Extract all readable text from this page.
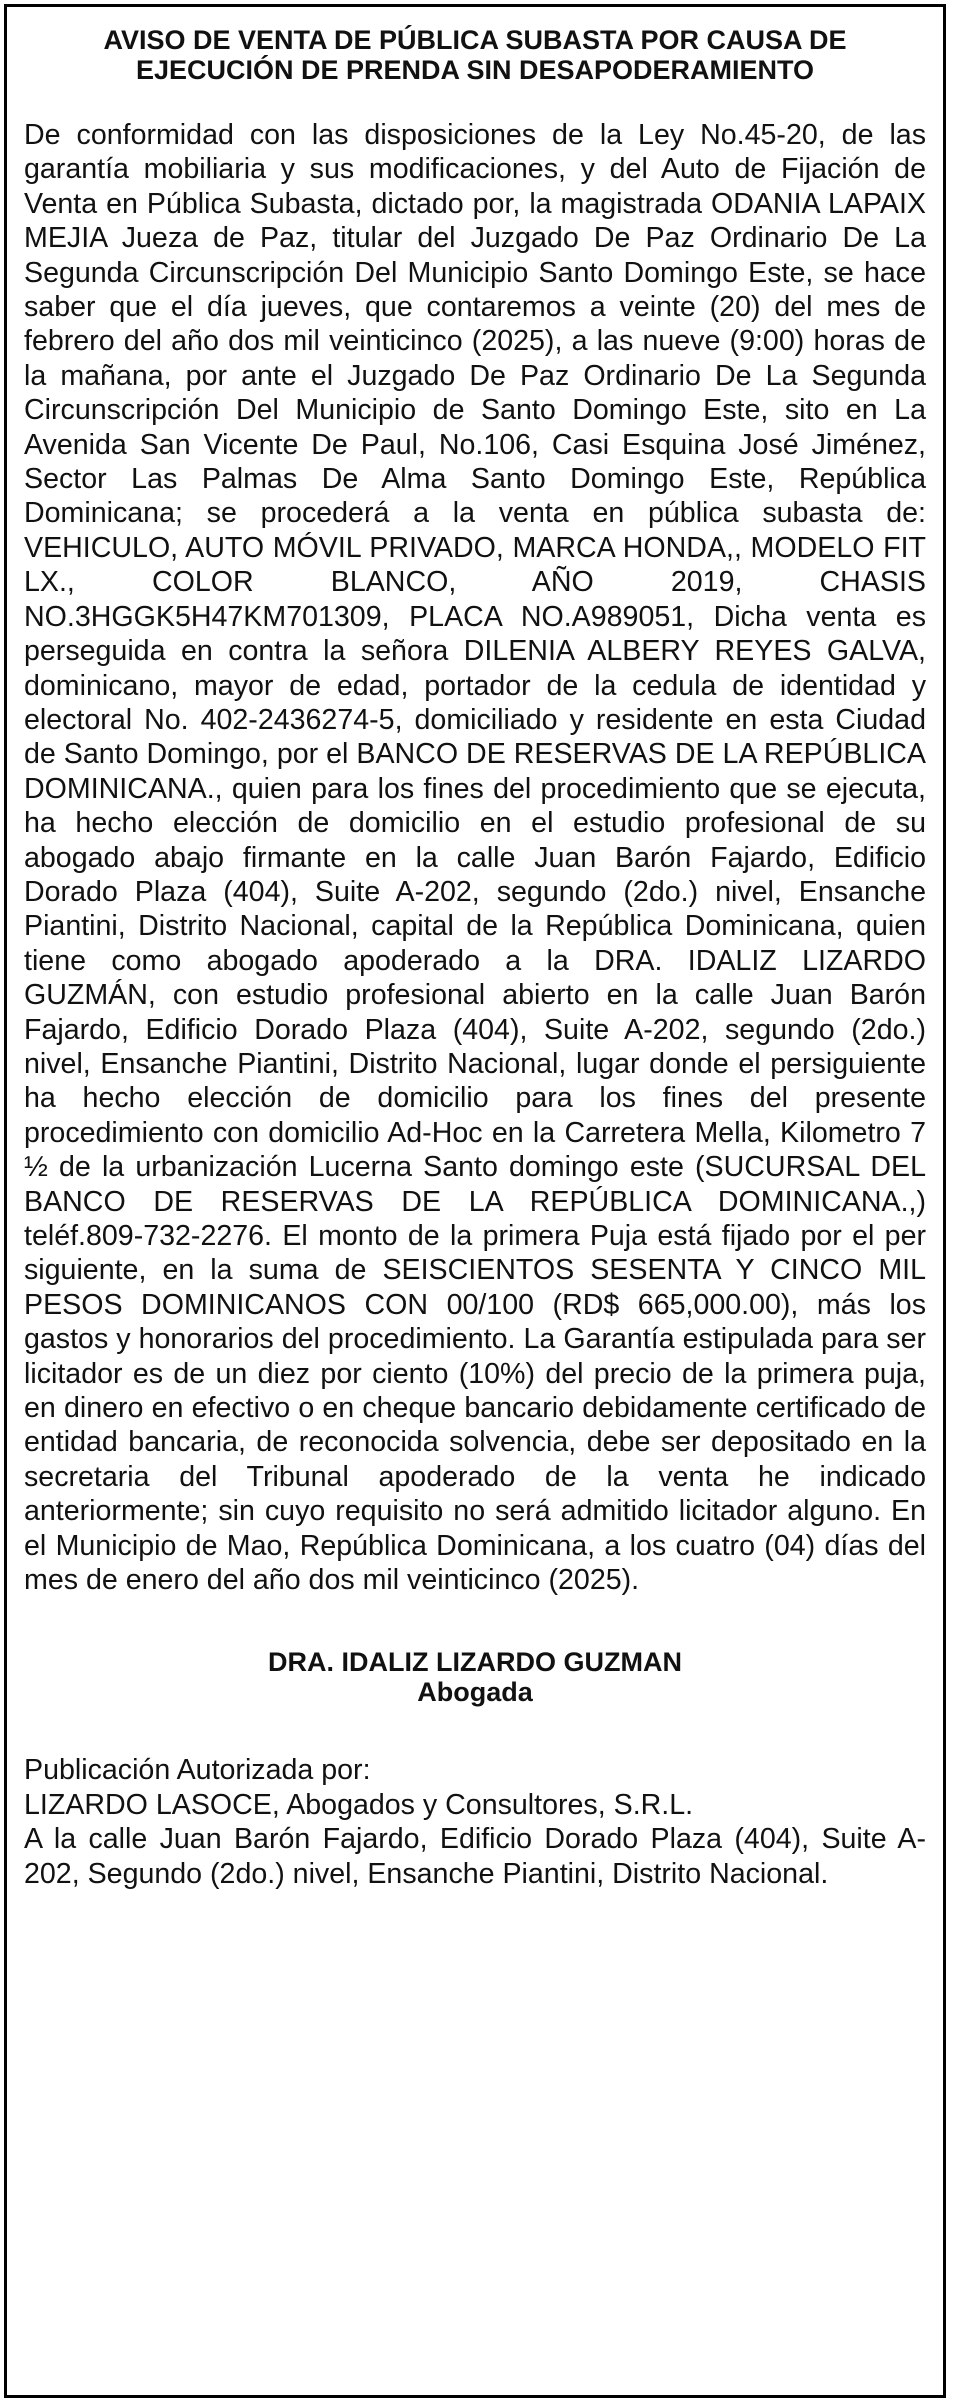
AVISO DE VENTA DE PÚBLICA SUBASTA POR CAUSA DE
EJECUCIÓN DE PRENDA SIN DESAPODERAMIENTO

De conformidad con las disposiciones de la Ley No.45-20, de las garantía mobiliaria y sus modificaciones, y del Auto de Fijación de Venta en Pública Subasta, dictado por, la magistrada ODANIA LAPAIX MEJIA Jueza de Paz, titular del Juzgado De Paz Ordinario De La Segunda Circunscripción Del Municipio Santo Domingo Este, se hace saber que el día jueves, que contaremos a veinte (20) del mes de febrero del año dos mil veinticinco (2025), a las nueve (9:00) horas de la mañana, por ante el Juzgado De Paz Ordinario De La Segunda Circunscripción Del Municipio de Santo Domingo Este, sito en La Avenida San Vicente De Paul, No.106, Casi Esquina José Jiménez, Sector Las Palmas De Alma Santo Domingo Este, República Dominicana; se procederá a la venta en pública subasta de: VEHICULO, AUTO MÓVIL PRIVADO, MARCA HONDA,, MODELO FIT LX., COLOR BLANCO, AÑO 2019, CHASIS NO.3HGGK5H47KM701309, PLACA NO.A989051, Dicha venta es perseguida en contra la señora DILENIA ALBERY REYES GALVA, dominicano, mayor de edad, portador de la cedula de identidad y electoral No. 402-2436274-5, domiciliado y residente en esta Ciudad de Santo Domingo, por el BANCO DE RESERVAS DE LA REPÚBLICA DOMINICANA., quien para los fines del procedimiento que se ejecuta, ha hecho elección de domicilio en el estudio profesional de su abogado abajo firmante en la calle Juan Barón Fajardo, Edificio Dorado Plaza (404), Suite A-202, segundo (2do.) nivel, Ensanche Piantini, Distrito Nacional, capital de la República Dominicana, quien tiene como abogado apoderado a la DRA. IDALIZ LIZARDO GUZMÁN, con estudio profesional abierto en la calle Juan Barón Fajardo, Edificio Dorado Plaza (404), Suite A-202, segundo (2do.) nivel, Ensanche Piantini, Distrito Nacional, lugar donde el persiguiente ha hecho elección de domicilio para los fines del presente procedimiento con domicilio Ad-Hoc en la Carretera Mella, Kilometro 7 ½ de la urbanización Lucerna Santo domingo este (SUCURSAL DEL BANCO DE RESERVAS DE LA REPÚBLICA DOMINICANA.,) teléf.809-732-2276. El monto de la primera Puja está fijado por el per siguiente, en la suma de SEISCIENTOS SESENTA Y CINCO MIL PESOS DOMINICANOS CON 00/100 (RD$ 665,000.00), más los gastos y honorarios del procedimiento. La Garantía estipulada para ser licitador es de un diez por ciento (10%) del precio de la primera puja, en dinero en efectivo o en cheque bancario debidamente certificado de entidad bancaria, de reconocida solvencia, debe ser depositado en la secretaria del Tribunal apoderado de la venta he indicado anteriormente; sin cuyo requisito no será admitido licitador alguno. En el Municipio de Mao, República Dominicana, a los cuatro (04) días del mes de enero del año dos mil veinticinco (2025).

DRA. IDALIZ LIZARDO GUZMAN
Abogada
Publicación Autorizada por:
LIZARDO LASOCE, Abogados y Consultores, S.R.L.
A la calle Juan Barón Fajardo, Edificio Dorado Plaza (404), Suite A-202, Segundo (2do.) nivel, Ensanche Piantini, Distrito Nacional.
